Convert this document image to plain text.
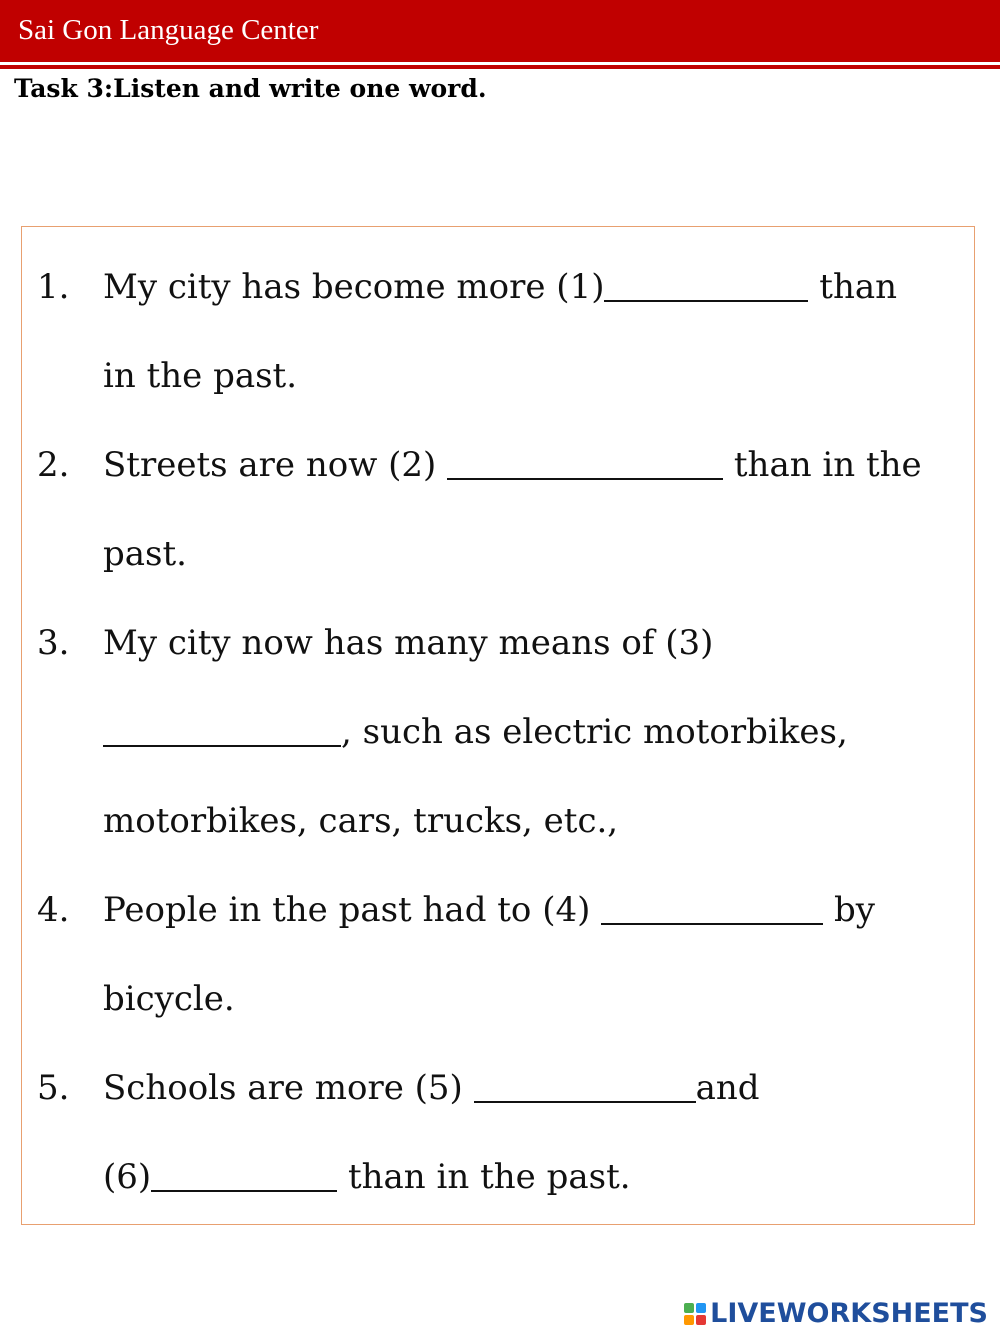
Sai Gon Language Center
Task 3:Listen and write one word.
1. My city has become more (1)	than
in the past.
2. Streets are now (2)	than in the
past.
3. My city now has many means of (3)
, such as electric motorbikes,
motorbikes, cars, trucks, etc.,
4. People in the past had to (4)	by
bicycle.
5. Schools are more (5)	and
(6)	than in the past.
LIVEWORKSHEETS
